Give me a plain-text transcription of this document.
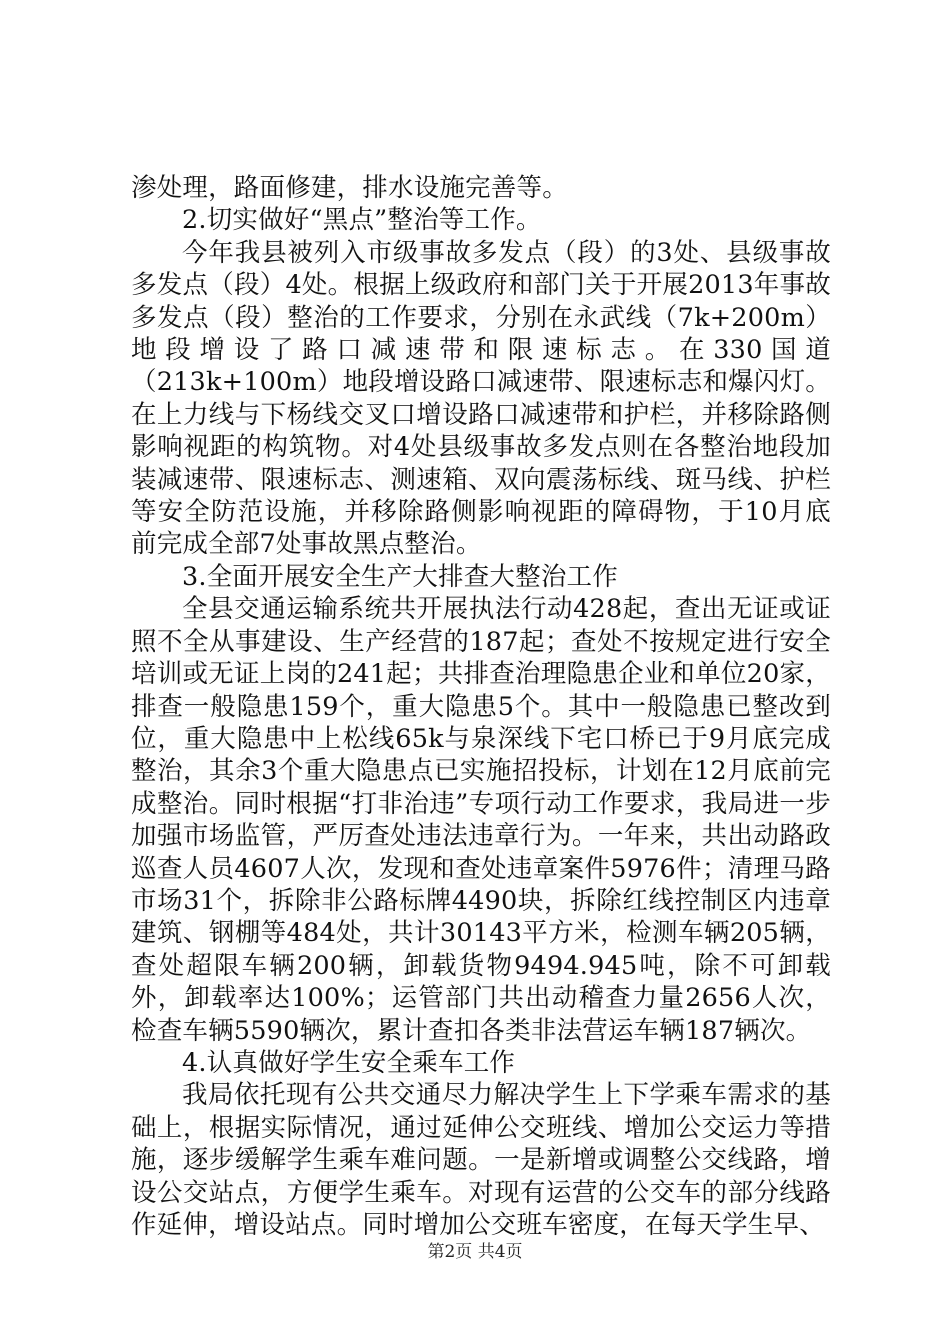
渗处理，路面修建，排水设施完善等。

2.切实做好“黑点”整治等工作。

今年我县被列入市级事故多发点（段）的3处、县级事故多发点（段）4处。根据上级政府和部门关于开展2013年事故多发点（段）整治的工作要求，分别在永武线（7k+200m）地段增设了路口减速带和限速标志。在330国道（213k+100m）地段增设路口减速带、限速标志和爆闪灯。在上力线与下杨线交叉口增设路口减速带和护栏，并移除路侧影响视距的构筑物。对4处县级事故多发点则在各整治地段加装减速带、限速标志、测速箱、双向震荡标线、斑马线、护栏等安全防范设施，并移除路侧影响视距的障碍物，于10月底前完成全部7处事故黑点整治。

3.全面开展安全生产大排查大整治工作

全县交通运输系统共开展执法行动428起，查出无证或证照不全从事建设、生产经营的187起；查处不按规定进行安全培训或无证上岗的241起；共排查治理隐患企业和单位20家，排查一般隐患159个，重大隐患5个。其中一般隐患已整改到位，重大隐患中上松线65k与泉深线下宅口桥已于9月底完成整治，其余3个重大隐患点已实施招投标，计划在12月底前完成整治。同时根据“打非治违”专项行动工作要求，我局进一步加强市场监管，严厉查处违法违章行为。一年来，共出动路政巡查人员4607人次，发现和查处违章案件5976件；清理马路市场31个，拆除非公路标牌4490块，拆除红线控制区内违章建筑、钢棚等484处，共计30143平方米，检测车辆205辆，查处超限车辆200辆，卸载货物9494.945吨，除不可卸载外，卸载率达100%；运管部门共出动稽查力量2656人次，检查车辆5590辆次，累计查扣各类非法营运车辆187辆次。

4.认真做好学生安全乘车工作

我局依托现有公共交通尽力解决学生上下学乘车需求的基础上，根据实际情况，通过延伸公交班线、增加公交运力等措施，逐步缓解学生乘车难问题。一是新增或调整公交线路，增设公交站点，方便学生乘车。对现有运营的公交车的部分线路作延伸，增设站点。同时增加公交班车密度，在每天学生早、

第2页 共4页
